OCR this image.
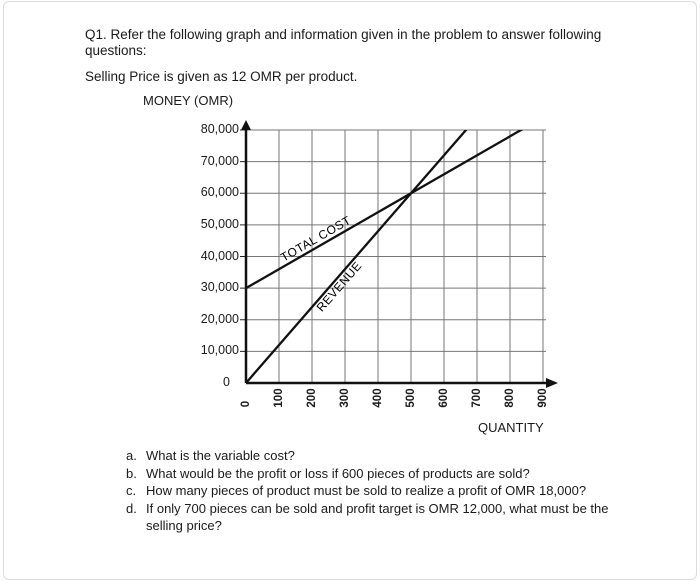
Q1. Refer the following graph and information given in the problem to answer following
questions:
Selling Price is given as 12 OMR per product.
MONEY (OMR)
TOTAL COST
REVENUE
80,000
70,000
60,000
50,000
40,000
30,000
20,000
10,000
0
0 100 200 300 400 500 600 700 800 900
QUANTITY
a. What is the variable cost?
b. What would be the profit or loss if 600 pieces of products are sold?
c. How many pieces of product must be sold to realize a profit of OMR 18,000?
d. If only 700 pieces can be sold and profit target is OMR 12,000, what must be the selling price?
